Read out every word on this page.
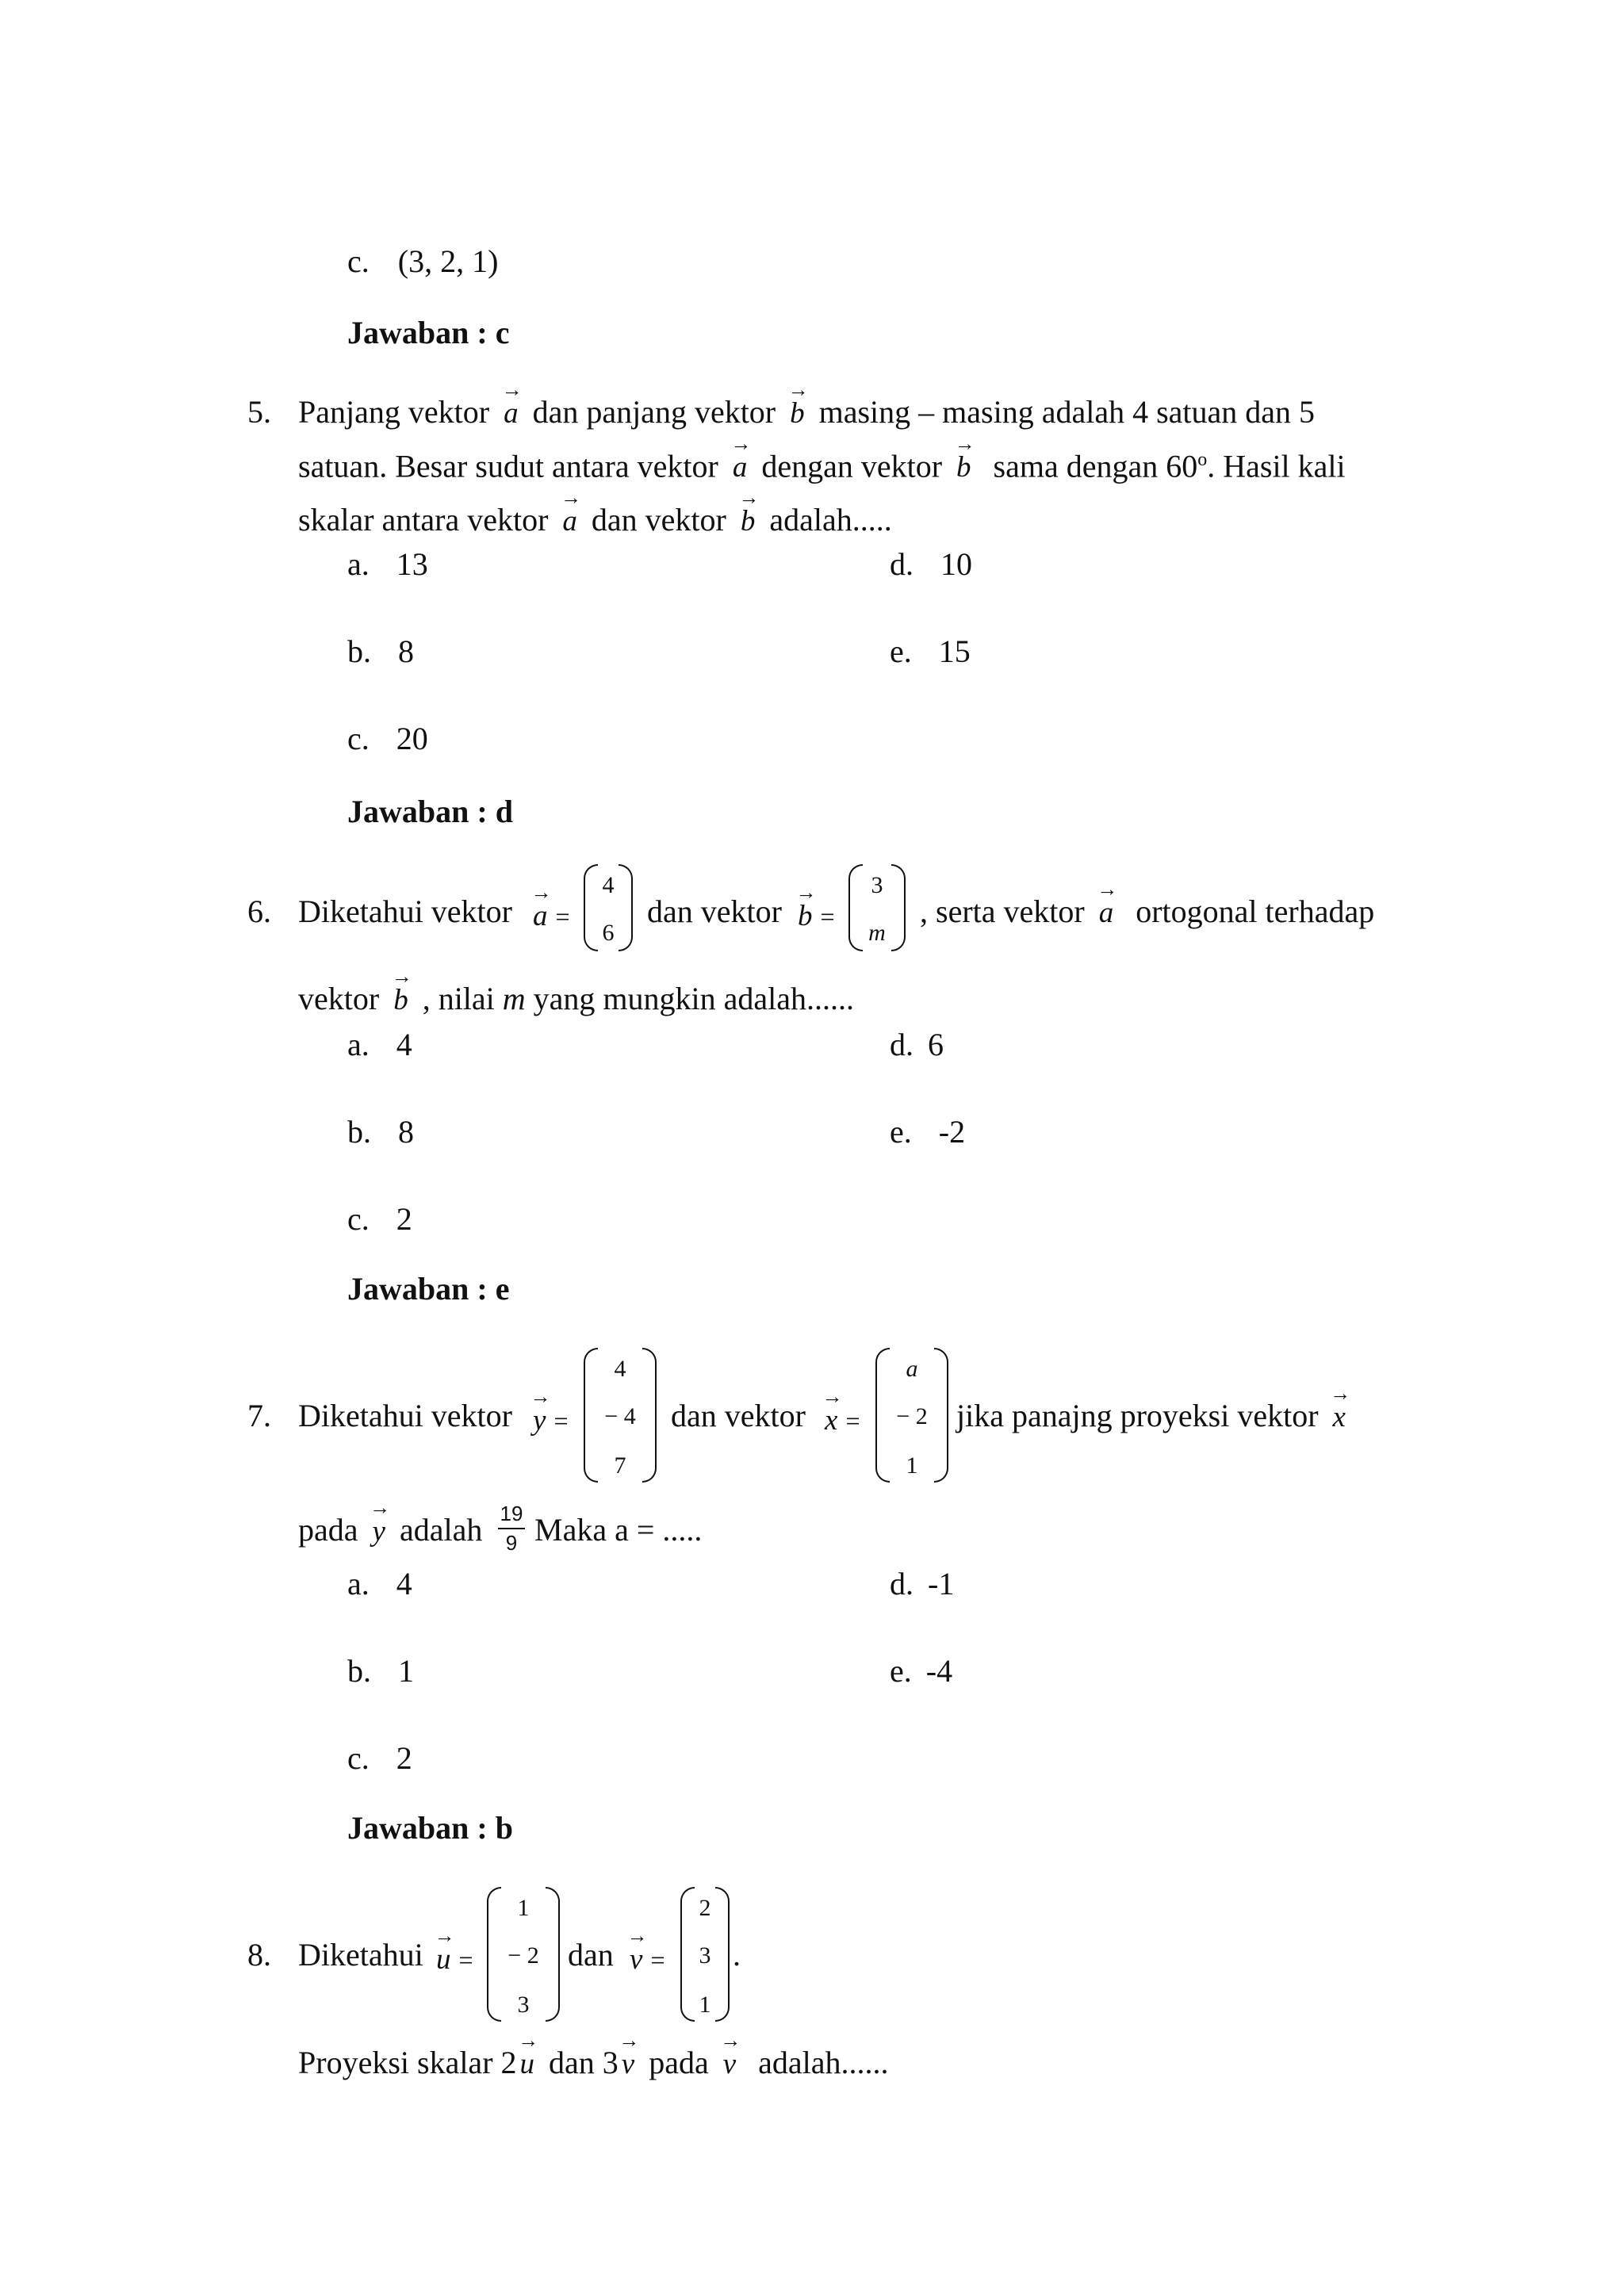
c. (3, 2, 1)
Jawaban : c
5. Panjang vektor → a dan panjang vektor → b masing – masing adalah 4 satuan dan 5
satuan. Besar sudut antara vektor → a dengan vektor → b sama dengan 60$^o$. Hasil kali
skalar antara vektor → a dan vektor → b adalah.....
a. 13
b. 8
c. 20
d. 10
e. 15
Jawaban : d
6. Diketahui vektor → a =
4
6
dan vektor → b =
3
m
, serta vektor → a ortogonal terhadap
vektor → b , nilai m yang mungkin adalah......
a. 4
b. 8
c. 2
d. 6
e. -2
Jawaban : e
7. Diketahui vektor → y =
4
− 4
7
dan vektor → x =
a
− 2
1
jika panajng proyeksi vektor → x
pada → y adalah $\frac{19}{9}$ Maka a = .....
a. 4
b. 1
c. 2
d. -1
e. -4
Jawaban : b
8. Diketahui → u =
1
− 2
3
dan → v =
2
3
1
.
Proyeksi skalar 2 → u dan 3 → v pada → v adalah......
